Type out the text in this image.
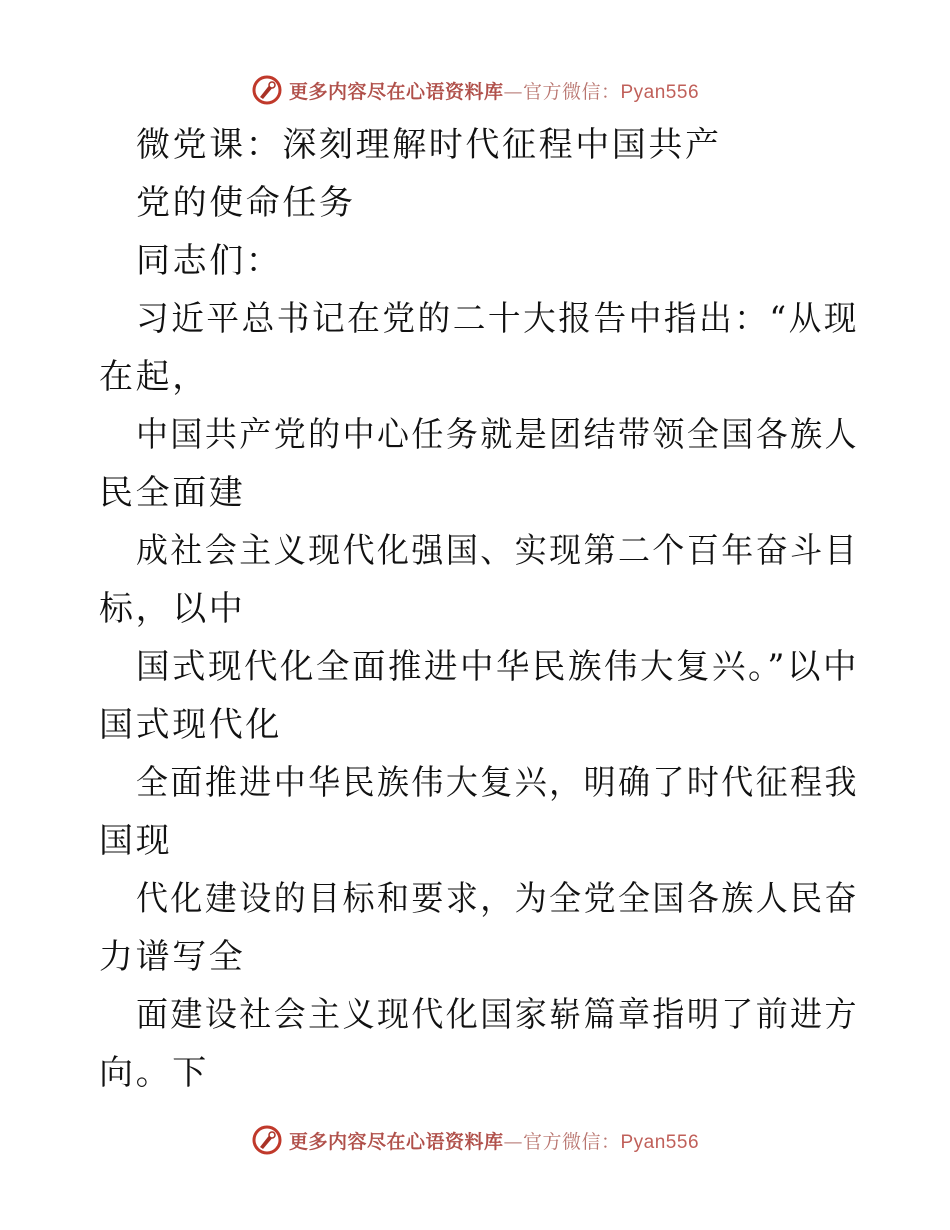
更多内容尽在心语资料库—官方微信：Pyan556
微党课：深刻理解时代征程中国共产
党的使命任务
同志们：
习近平总书记在党的二十大报告中指出：“从现
在起，
中国共产党的中心任务就是团结带领全国各族人
民全面建
成社会主义现代化强国、实现第二个百年奋斗目
标，以中
国式现代化全面推进中华民族伟大复兴。”以中
国式现代化
全面推进中华民族伟大复兴，明确了时代征程我
国现
代化建设的目标和要求，为全党全国各族人民奋
力谱写全
面建设社会主义现代化国家崭篇章指明了前进方
向。下
更多内容尽在心语资料库—官方微信：Pyan556
